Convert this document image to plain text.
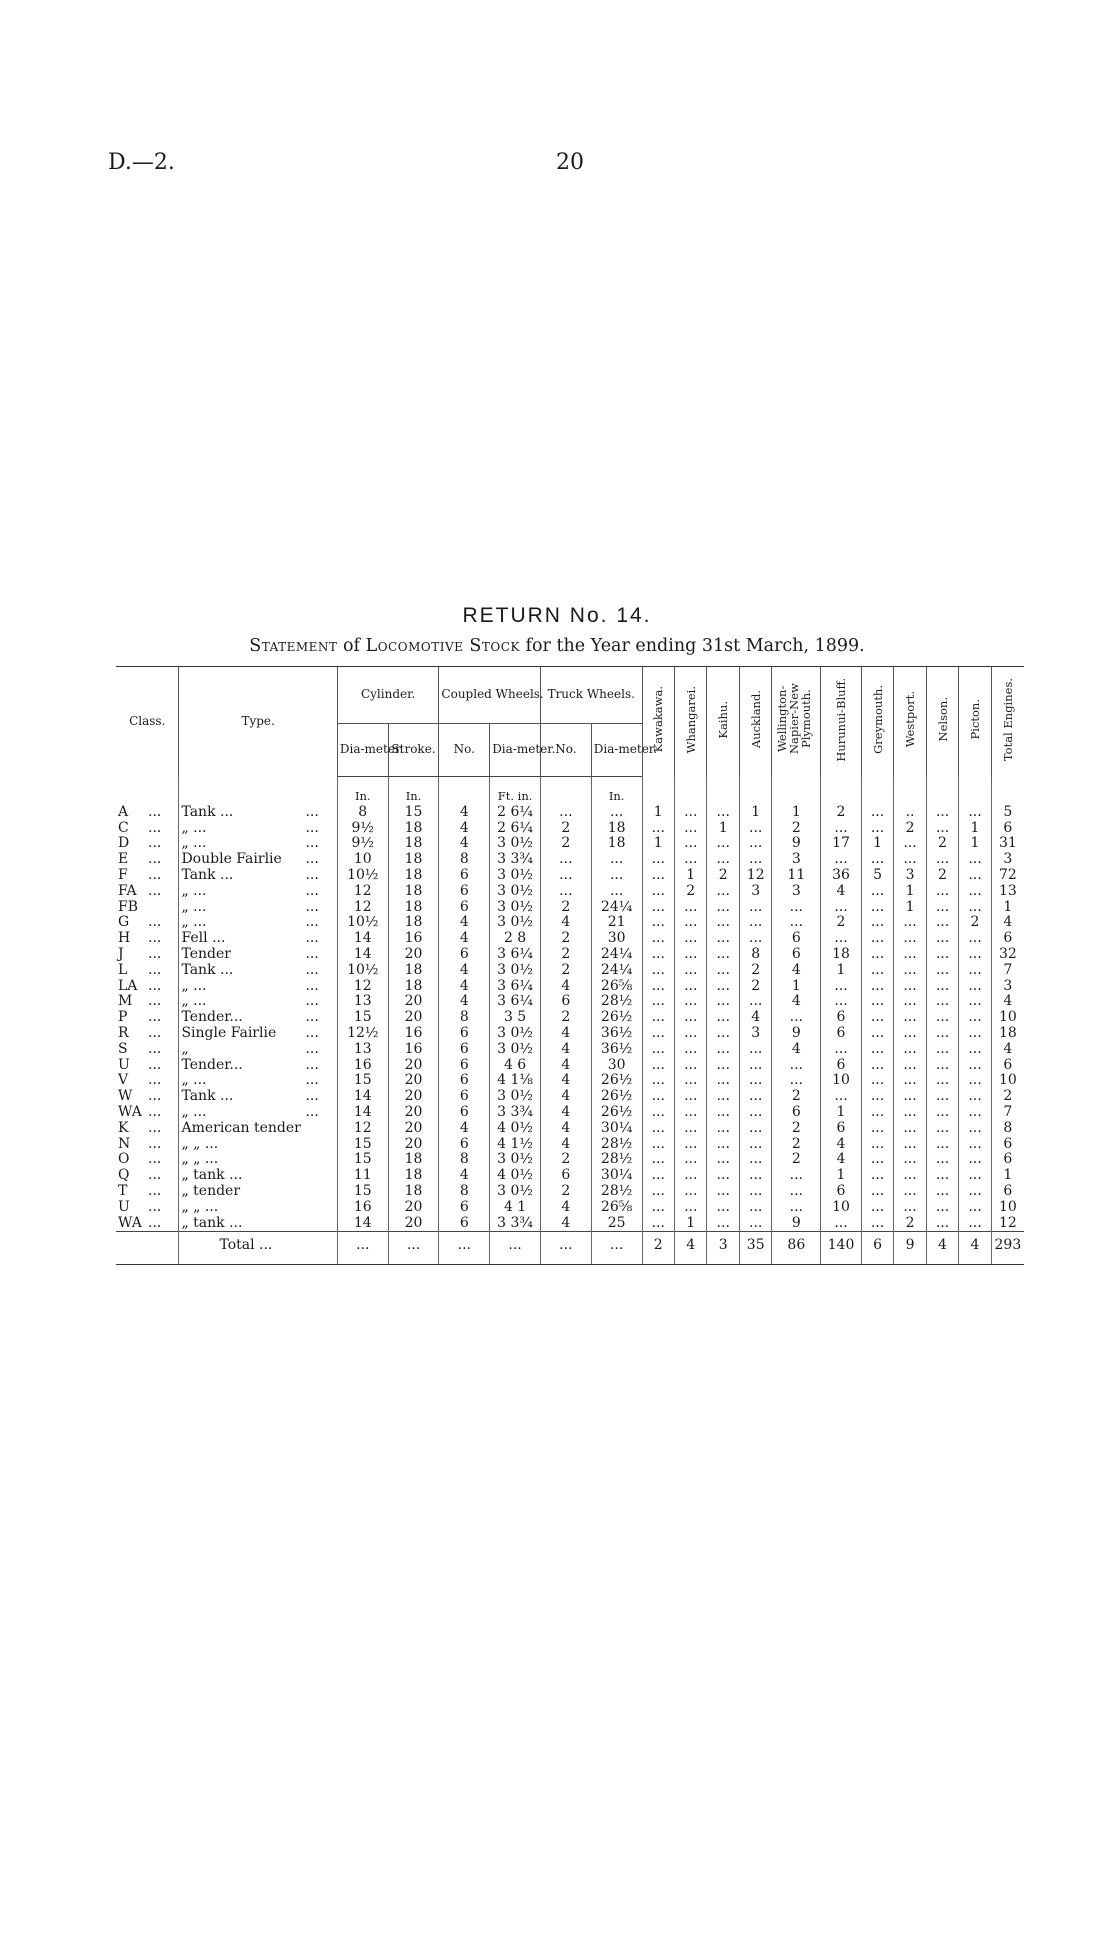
D.—2.	20
RETURN No. 14.
Statement of Locomotive Stock for the Year ending 31st March, 1899.
Class.	Type.	Cylinder.		Coupled Wheels.		Truck Wheels.		Kawakawa.	Whangarei.	Kaihu.	Auckland.	Wellington-Napier-New Plymouth.	Hurunui-Bluff.	Greymouth.	Westport.	Nelson.	Picton.	Total Engines.
		Dia-meter.	Stroke.	No.	Dia-meter.	No.	Dia-meter.											
		In.	In.		Ft. in.		In.											
A ...	Tank ... ...	8	15	4	2 6¼	...	...	1	...	...	1	1	2	...	..	...	...	5
C ...	„ ... ...	9½	18	4	2 6¼	2	18	...	...	1	...	2	...	...	2	...	1	6
D ...	„ ... ...	9½	18	4	3 0½	2	18	1	...	...	...	9	17	1	...	2	1	31
E ...	Double Fairlie ...	10	18	8	3 3¾	...	...	...	...	...	...	3	...	...	...	...	...	3
F ...	Tank ... ...	10½	18	6	3 0½	...	...	...	1	2	12	11	36	5	3	2	...	72
FA ...	„ ... ...	12	18	6	3 0½	...	...	...	2	...	3	3	4	...	1	...	...	13
FB	„ ... ...	12	18	6	3 0½	2	24¼	...	...	...	...	...	...	...	1	...	...	1
G ...	„ ... ...	10½	18	4	3 0½	4	21	...	...	...	...	...	2	...	...	...	2	4
H ...	Fell ... ...	14	16	4	2 8	2	30	...	...	...	...	6	...	...	...	...	...	6
J ...	Tender ...	14	20	6	3 6¼	2	24¼	...	...	...	8	6	18	...	...	...	...	32
L ...	Tank ... ...	10½	18	4	3 0½	2	24¼	...	...	...	2	4	1	...	...	...	...	7
LA ...	„ ... ...	12	18	4	3 6¼	4	26⅝	...	...	...	2	1	...	...	...	...	...	3
M ...	„ ... ...	13	20	4	3 6¼	6	28½	...	...	...	...	4	...	...	...	...	...	4
P ...	Tender... ...	15	20	8	3 5	2	26½	...	...	...	4	...	6	...	...	...	...	10
R ...	Single Fairlie ...	12½	16	6	3 0½	4	36½	...	...	...	3	9	6	...	...	...	...	18
S ...	„ ...	13	16	6	3 0½	4	36½	...	...	...	...	4	...	...	...	...	...	4
U ...	Tender... ...	16	20	6	4 6	4	30	...	...	...	...	...	6	...	...	...	...	6
V ...	„ ... ...	15	20	6	4 1⅛	4	26½	...	...	...	...	...	10	...	...	...	...	10
W ...	Tank ... ...	14	20	6	3 0½	4	26½	...	...	...	...	2	...	...	...	...	...	2
WA ...	„ ... ...	14	20	6	3 3¾	4	26½	...	...	...	...	6	1	...	...	...	...	7
K ...	American tender	12	20	4	4 0½	4	30¼	...	...	...	...	2	6	...	...	...	...	8
N ...	„ „ ...	15	20	6	4 1½	4	28½	...	...	...	...	2	4	...	...	...	...	6
O ...	„ „ ...	15	18	8	3 0½	2	28½	...	...	...	...	2	4	...	...	...	...	6
Q ...	„ tank ...	11	18	4	4 0½	6	30¼	...	...	...	...	...	1	...	...	...	...	1
T ...	„ tender	15	18	8	3 0½	2	28½	...	...	...	...	...	6	...	...	...	...	6
U ...	„ „ ...	16	20	6	4 1	4	26⅝	...	...	...	...	...	10	...	...	...	...	10
WA ...	„ tank ...	14	20	6	3 3¾	4	25	...	1	...	...	9	...	...	2	...	...	12
	Total ...	...	...	...	...	...	...	2	4	3	35	86	140	6	9	4	4	293
